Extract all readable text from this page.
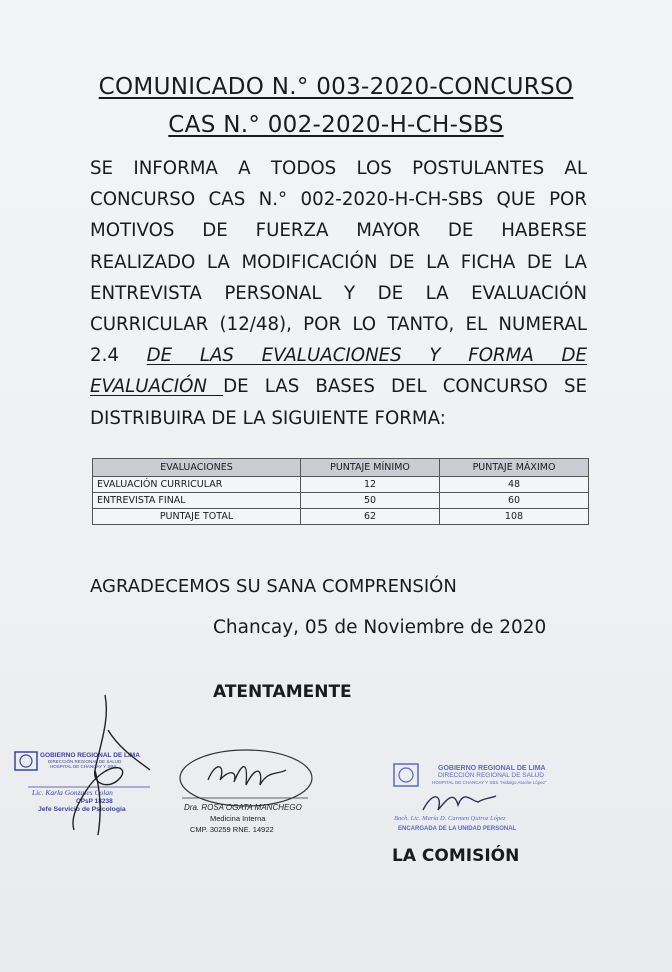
COMUNICADO N.° 003-2020-CONCURSO
CAS N.° 002-2020-H-CH-SBS
SE INFORMA A TODOS LOS POSTULANTES AL
CONCURSO CAS N.° 002-2020-H-CH-SBS QUE POR
MOTIVOS DE FUERZA MAYOR DE HABERSE
REALIZADO LA MODIFICACIÓN DE LA FICHA DE LA
ENTREVISTA PERSONAL Y DE LA EVALUACIÓN
CURRICULAR (12/48), POR LO TANTO, EL NUMERAL
2.4 DE LAS EVALUACIONES Y FORMA DE
EVALUACIÓN DE LAS BASES DEL CONCURSO SE
DISTRIBUIRA DE LA SIGUIENTE FORMA:
EVALUACIONES	PUNTAJE MÍNIMO	PUNTAJE MÁXIMO
EVALUACIÓN CURRICULAR	12	48
ENTREVISTA FINAL	50	60
PUNTAJE TOTAL	62	108
AGRADECEMOS SU SANA COMPRENSIÓN
Chancay, 05 de Noviembre de 2020
ATENTAMENTE
GOBIERNO REGIONAL DE LIMA
DIRECCIÓN REGIONAL DE SALUD
HOSPITAL DE CHANCAY Y SBS
Lic. Karla Gonzales Colan
CPsP 18238
Jefe Servicio de Psicología	Dra. ROSA OGATA MANCHEGO
Medicina Interna
CMP. 30259 RNE. 14922
GOBIERNO REGIONAL DE LIMA
DIRECCIÓN REGIONAL DE SALUD
HOSPITAL DE CHANCAY Y SBS "Hidalgo Atoche López"
Bach. Lic. María D. Carmen Quiroz López
ENCARGADA DE LA UNIDAD PERSONAL
LA COMISIÓN
